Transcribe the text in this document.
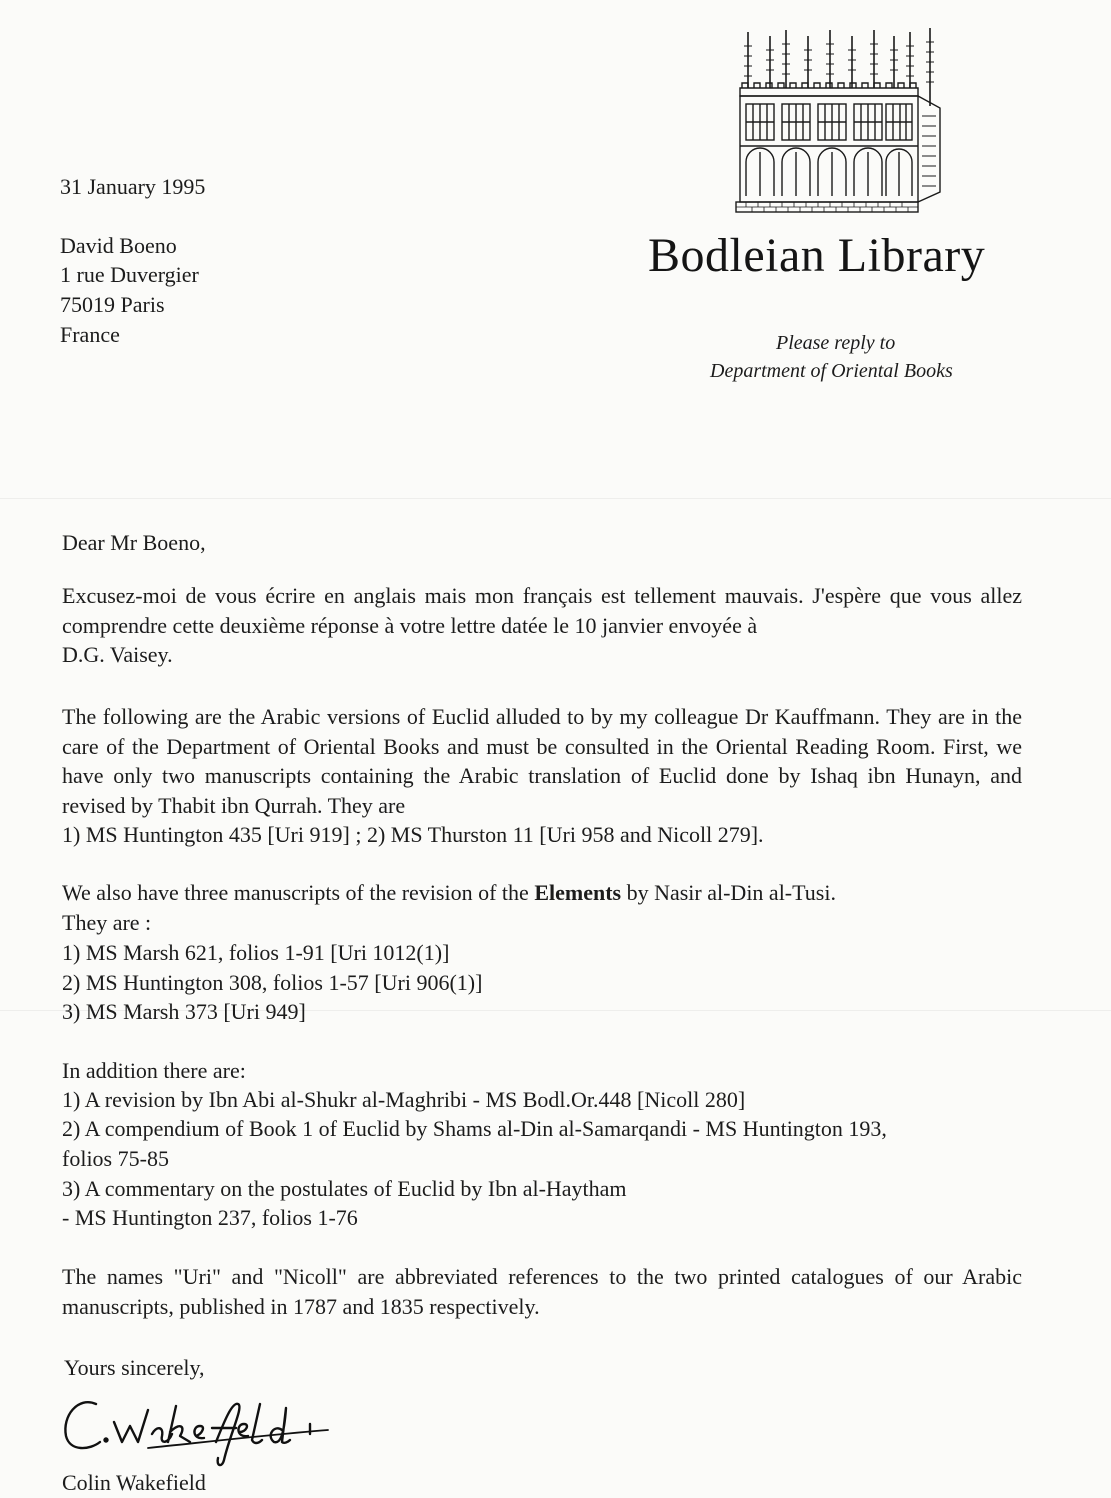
Bodleian Library
Please reply to
Department of Oriental Books
31 January 1995
David Boeno
1 rue Duvergier
75019 Paris
France
Dear Mr Boeno,
Excusez-moi de vous écrire en anglais mais mon français est tellement mauvais. J'espère que vous allez comprendre cette deuxième réponse à votre lettre datée le 10 janvier envoyée à
D.G. Vaisey.
The following are the Arabic versions of Euclid alluded to by my colleague Dr Kauffmann. They are in the care of the Department of Oriental Books and must be consulted in the Oriental Reading Room. First, we have only two manuscripts containing the Arabic translation of Euclid done by Ishaq ibn Hunayn, and revised by Thabit ibn Qurrah. They are
1) MS Huntington 435 [Uri 919] ; 2) MS Thurston 11 [Uri 958 and Nicoll 279].
We also have three manuscripts of the revision of the Elements by Nasir al-Din al-Tusi.
They are :
1) MS Marsh 621, folios 1-91 [Uri 1012(1)]
2) MS Huntington 308, folios 1-57 [Uri 906(1)]
3) MS Marsh 373 [Uri 949]
In addition there are:
1) A revision by Ibn Abi al-Shukr al-Maghribi - MS Bodl.Or.448 [Nicoll 280]
2) A compendium of Book 1 of Euclid by Shams al-Din al-Samarqandi - MS Huntington 193,
folios 75-85
3) A commentary on the postulates of Euclid by Ibn al-Haytham
- MS Huntington 237, folios 1-76
The names "Uri" and "Nicoll" are abbreviated references to the two printed catalogues of our Arabic manuscripts, published in 1787 and 1835 respectively.
Yours sincerely,
Colin Wakefield
